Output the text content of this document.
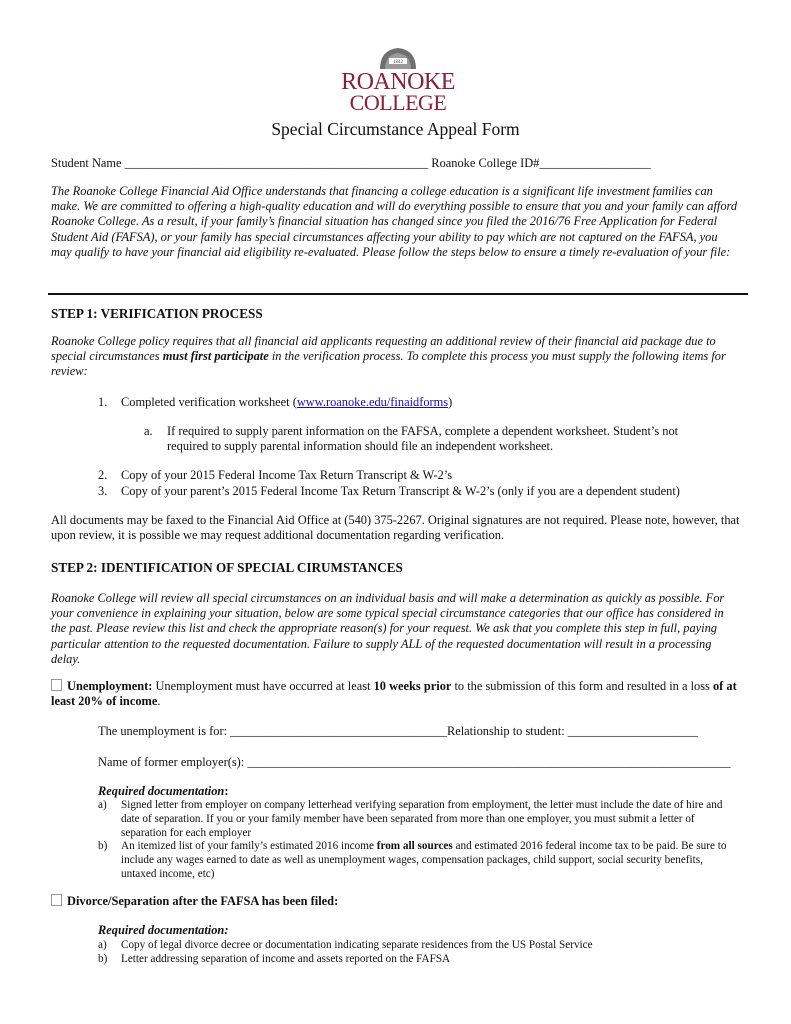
1842
ROANOKE
COLLEGE
Special Circumstance Appeal Form
Student Name _________________________________________________ Roanoke College ID#__________________
The Roanoke College Financial Aid Office understands that financing a college education is a significant life investment families can make. We are committed to offering a high-quality education and will do everything possible to ensure that you and your family can afford Roanoke College. As a result, if your family’s financial situation has changed since you filed the 2016/76 Free Application for Federal Student Aid (FAFSA), or your family has special circumstances affecting your ability to pay which are not captured on the FAFSA, you may qualify to have your financial aid eligibility re-evaluated. Please follow the steps below to ensure a timely re-evaluation of your file:
STEP 1: VERIFICATION PROCESS
Roanoke College policy requires that all financial aid applicants requesting an additional review of their financial aid package due to special circumstances must first participate in the verification process. To complete this process you must supply the following items for review:
1. Completed verification worksheet (www.roanoke.edu/finaidforms)
a. If required to supply parent information on the FAFSA, complete a dependent worksheet. Student’s not
required to supply parental information should file an independent worksheet.
2. Copy of your 2015 Federal Income Tax Return Transcript & W-2’s
3. Copy of your parent’s 2015 Federal Income Tax Return Transcript & W-2’s (only if you are a dependent student)
All documents may be faxed to the Financial Aid Office at (540) 375-2267. Original signatures are not required. Please note, however, that upon review, it is possible we may request additional documentation regarding verification.
STEP 2: IDENTIFICATION OF SPECIAL CIRUMSTANCES
Roanoke College will review all special circumstances on an individual basis and will make a determination as quickly as possible. For your convenience in explaining your situation, below are some typical special circumstance categories that our office has considered in the past. Please review this list and check the appropriate reason(s) for your request. We ask that you complete this step in full, paying particular attention to the requested documentation. Failure to supply ALL of the requested documentation will result in a processing delay.
Unemployment: Unemployment must have occurred at least 10 weeks prior to the submission of this form and resulted in a loss of at least 20% of income.
The unemployment is for: ___________________________________Relationship to student: _____________________
Name of former employer(s): ______________________________________________________________________________
Required documentation:
a) Signed letter from employer on company letterhead verifying separation from employment, the letter must include the date of hire and date of separation. If you or your family member have been separated from more than one employer, you must submit a letter of separation for each employer
b) An itemized list of your family’s estimated 2016 income from all sources and estimated 2016 federal income tax to be paid. Be sure to include any wages earned to date as well as unemployment wages, compensation packages, child support, social security benefits, untaxed income, etc)
Divorce/Separation after the FAFSA has been filed:
Required documentation:
a) Copy of legal divorce decree or documentation indicating separate residences from the US Postal Service
b) Letter addressing separation of income and assets reported on the FAFSA
